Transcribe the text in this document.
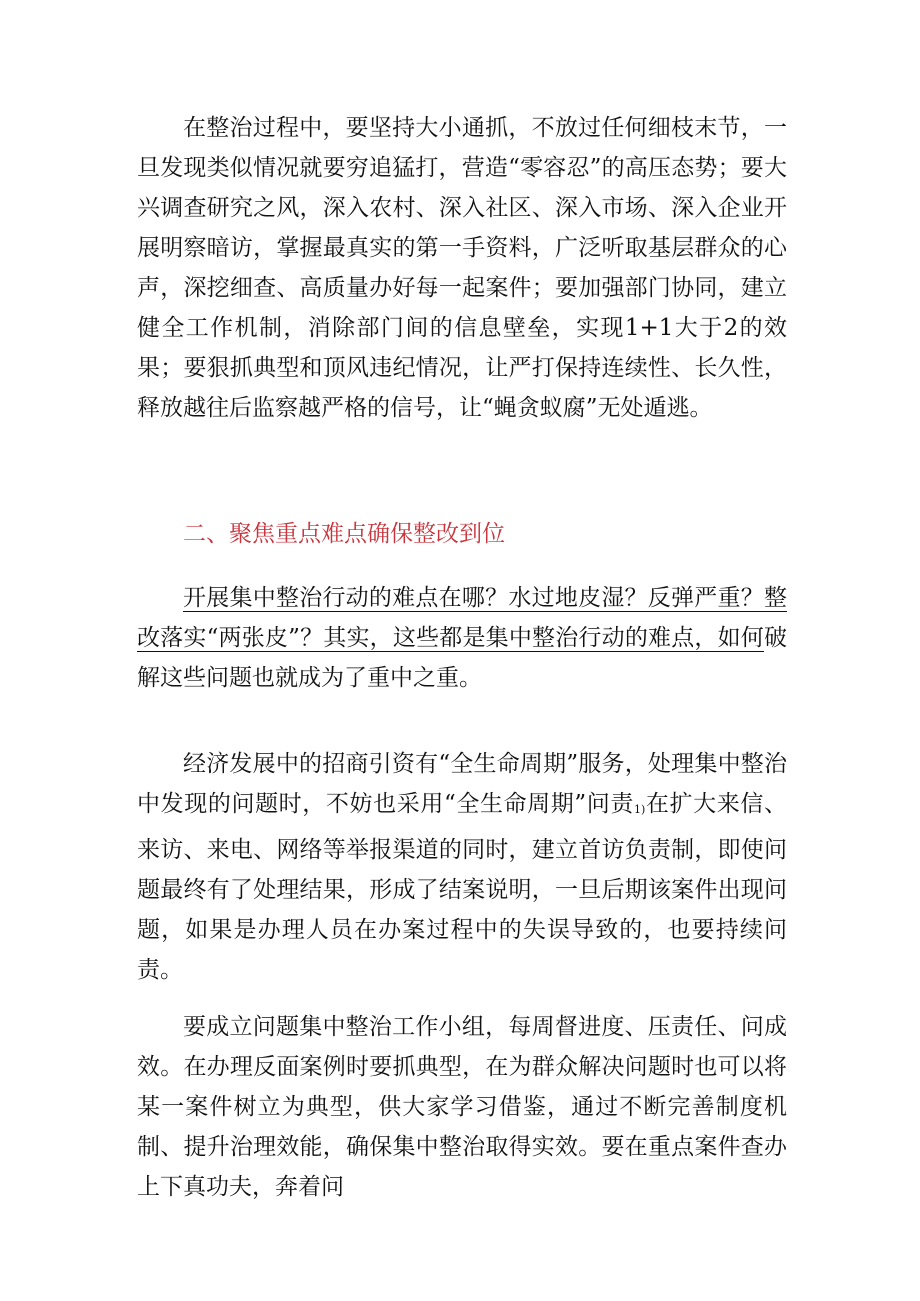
在整治过程中，要坚持大小通抓，不放过任何细枝末节，一旦发现类似情况就要穷追猛打，营造“零容忍”的高压态势；要大兴调查研究之风，深入农村、深入社区、深入市场、深入企业开展明察暗访，掌握最真实的第一手资料，广泛听取基层群众的心声，深挖细查、高质量办好每一起案件；要加强部门协同，建立健全工作机制，消除部门间的信息壁垒，实现1+1大于2的效果；要狠抓典型和顶风违纪情况，让严打保持连续性、长久性，释放越往后监察越严格的信号，让“蝇贪蚁腐”无处遁逃。

二、聚焦重点难点确保整改到位

开展集中整治行动的难点在哪？水过地皮湿？反弹严重？整改落实“两张皮”？其实，这些都是集中整治行动的难点，如何破解这些问题也就成为了重中之重。

经济发展中的招商引资有“全生命周期”服务，处理集中整治中发现的问题时，不妨也采用“全生命周期”问责1)在扩大来信、来访、来电、网络等举报渠道的同时，建立首访负责制，即使问题最终有了处理结果，形成了结案说明，一旦后期该案件出现问题，如果是办理人员在办案过程中的失误导致的，也要持续问责。

要成立问题集中整治工作小组，每周督进度、压责任、问成效。在办理反面案例时要抓典型，在为群众解决问题时也可以将某一案件树立为典型，供大家学习借鉴，通过不断完善制度机制、提升治理效能，确保集中整治取得实效。要在重点案件查办上下真功夫，奔着问
